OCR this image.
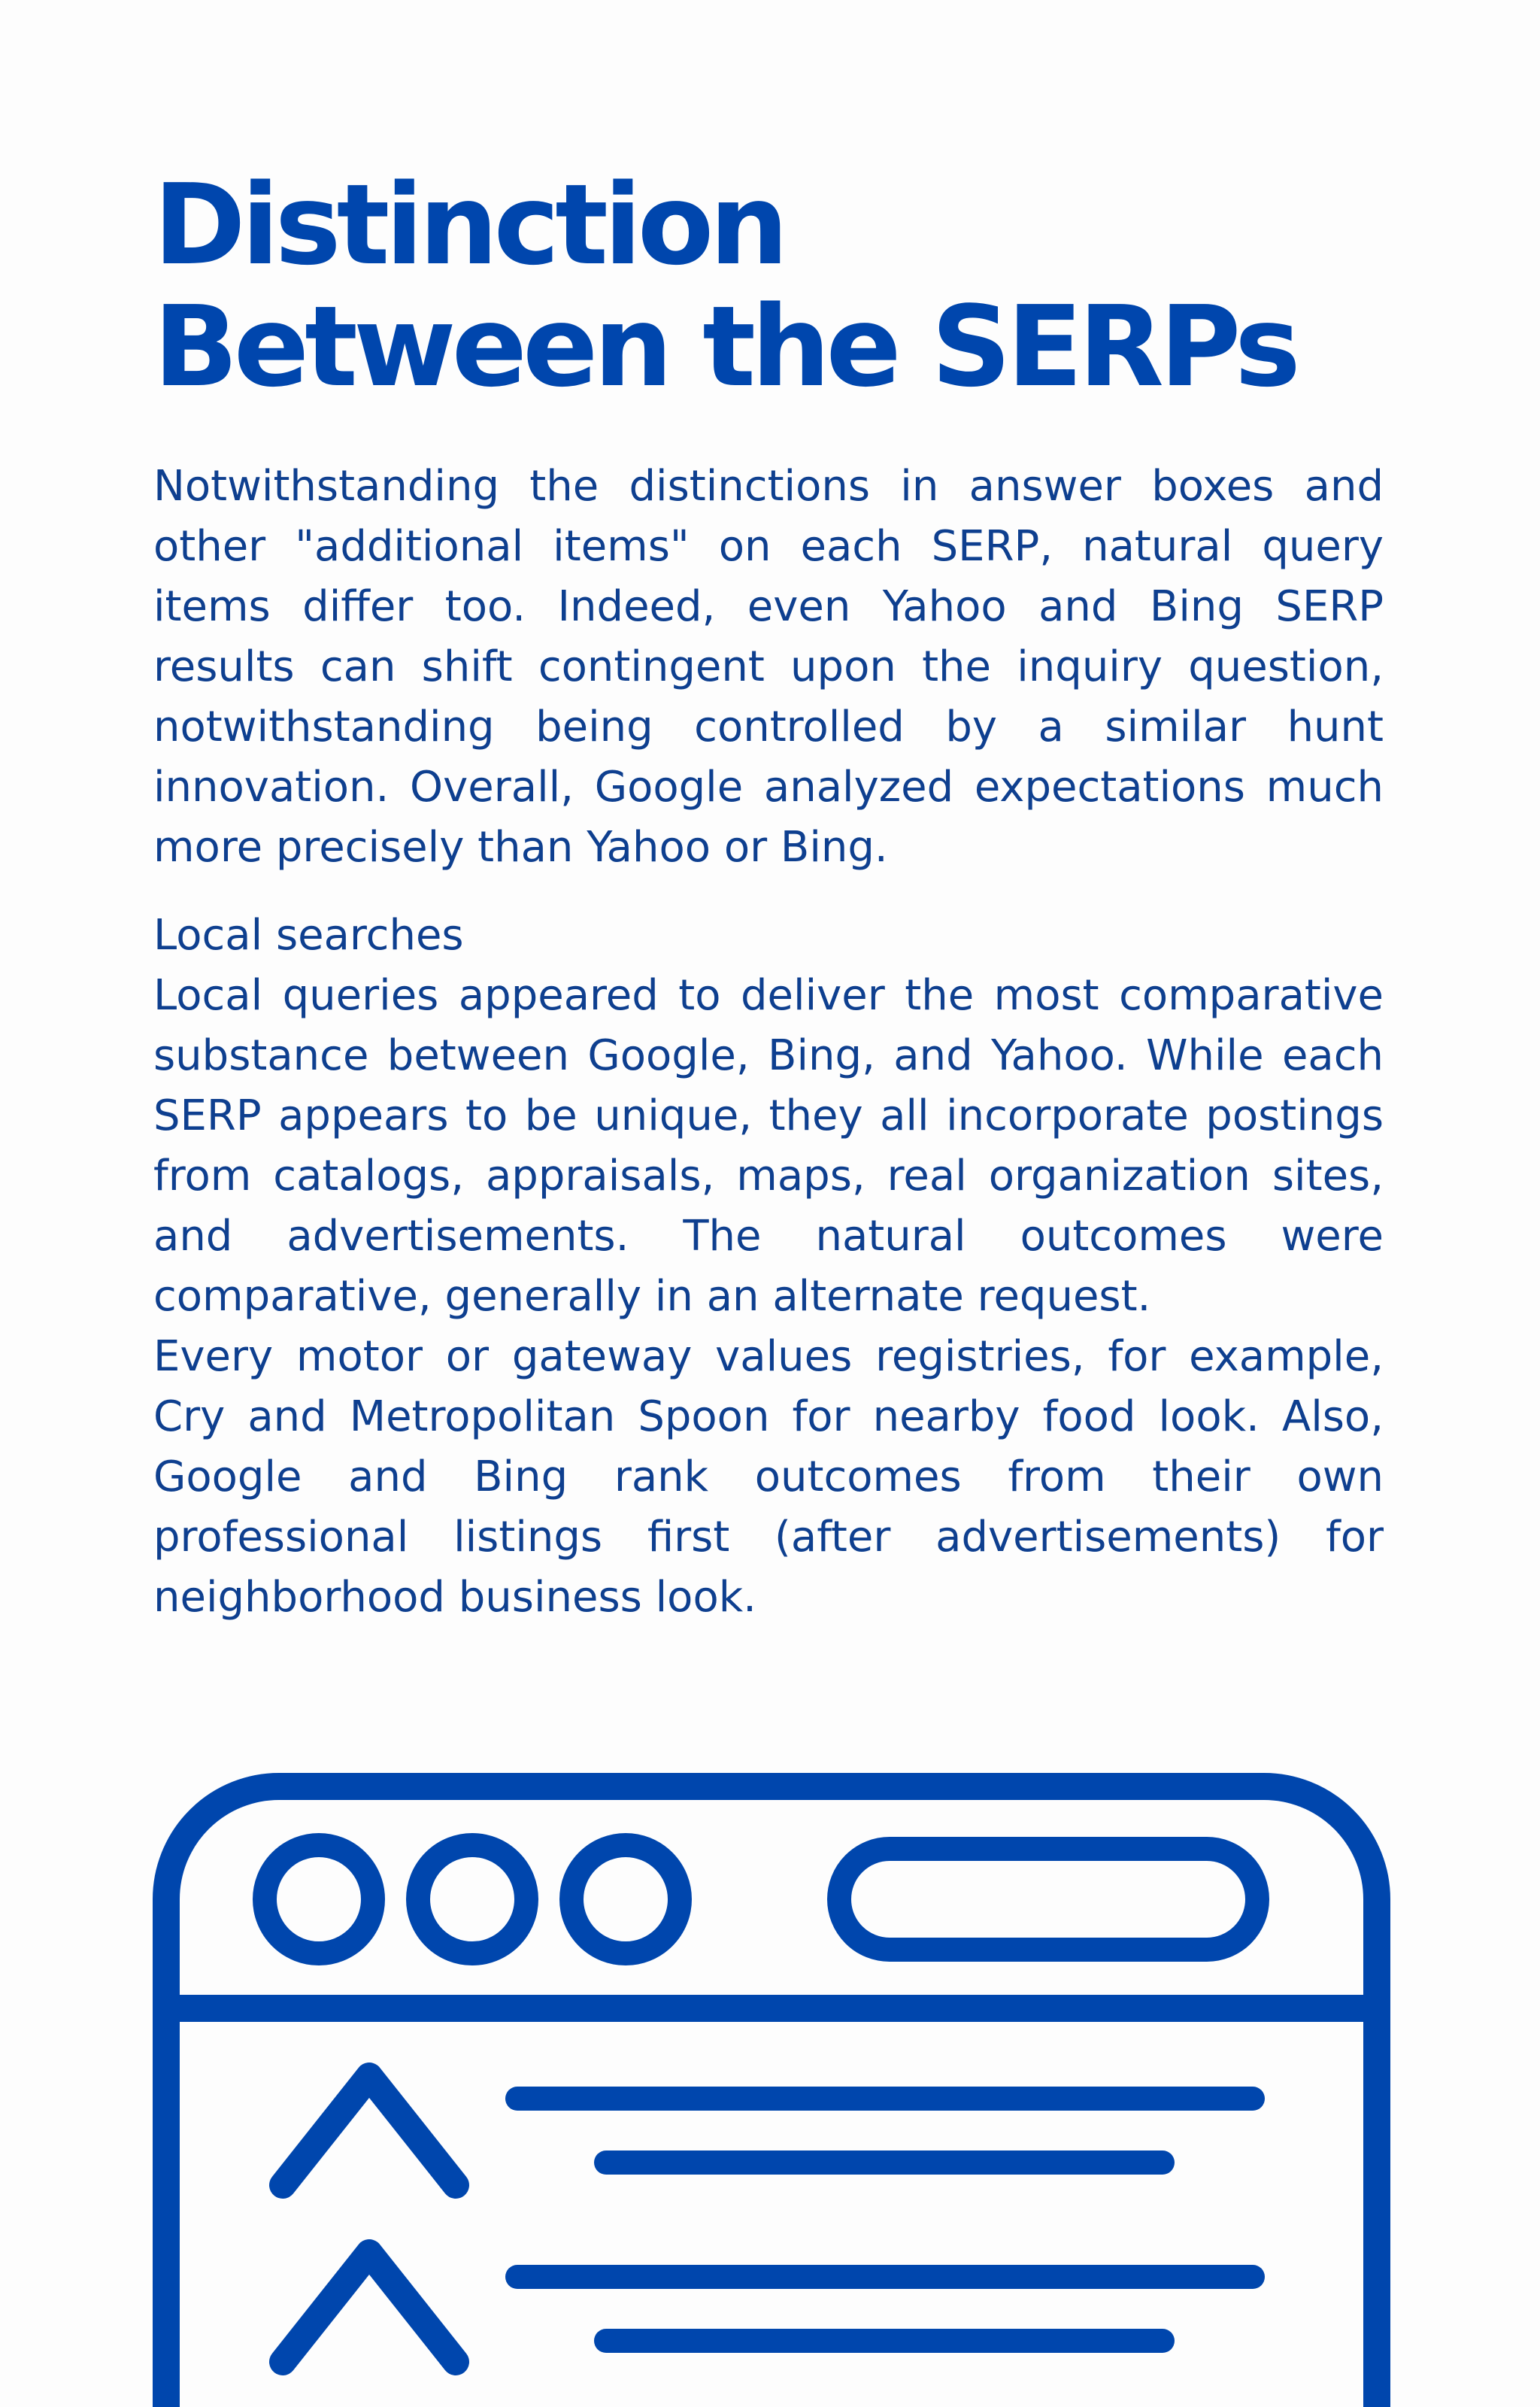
Distinction
Between the SERPs

Notwithstanding the distinctions in answer boxes and other "additional items" on each SERP, natural query items differ too. Indeed, even Yahoo and Bing SERP results can shift contingent upon the inquiry question, notwithstanding being controlled by a similar hunt innovation. Overall, Google analyzed expectations much more precisely than Yahoo or Bing.

Local searches

Local queries appeared to deliver the most comparative substance between Google, Bing, and Yahoo. While each SERP appears to be unique, they all incorporate postings from catalogs, appraisals, maps, real organization sites, and advertisements. The natural outcomes were comparative, generally in an alternate request.

Every motor or gateway values registries, for example, Cry and Metropolitan Spoon for nearby food look. Also, Google and Bing rank outcomes from their own professional listings first (after advertisements) for neighborhood business look.
